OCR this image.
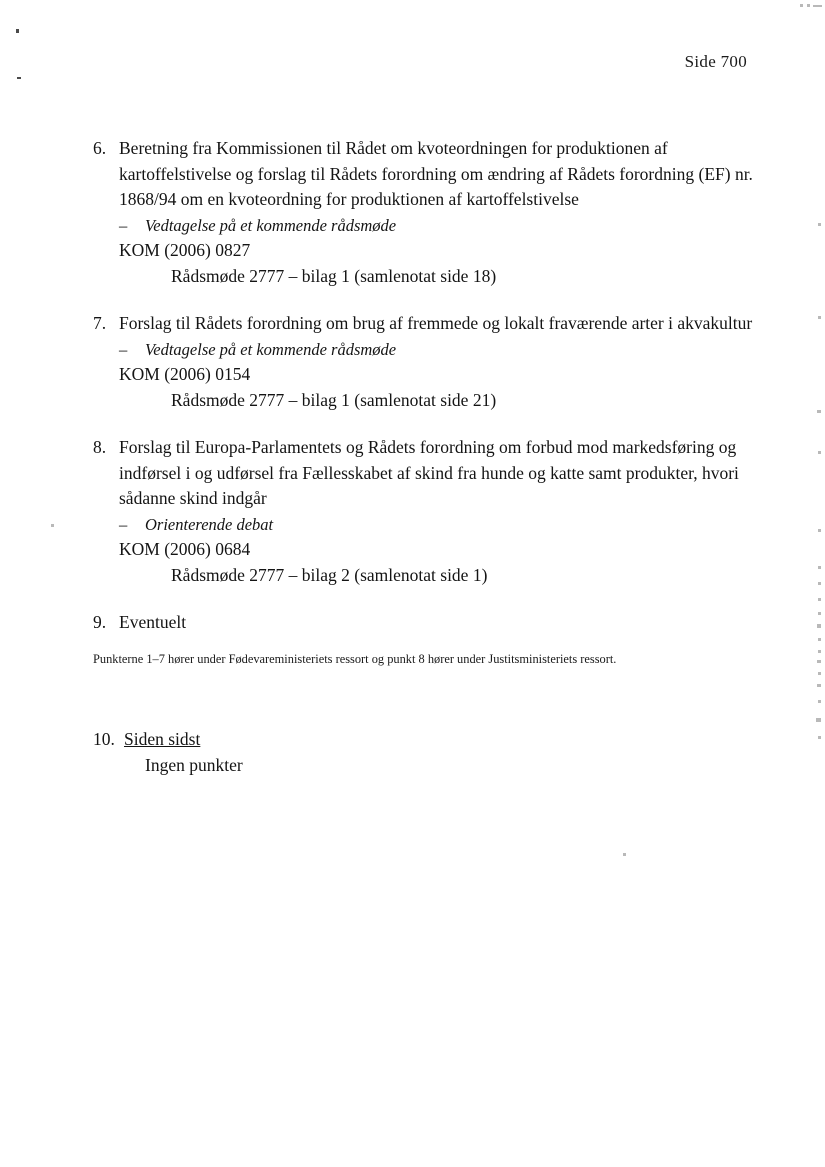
Side 700
6. Beretning fra Kommissionen til Rådet om kvoteordningen for produktionen af kartoffelstivelse og forslag til Rådets forordning om ændring af Rådets forordning (EF) nr. 1868/94 om en kvoteordning for produktionen af kartoffelstivelse

– Vedtagelse på et kommende rådsmøde

KOM (2006) 0827

Rådsmøde 2777 – bilag 1 (samlenotat side 18)

7. Forslag til Rådets forordning om brug af fremmede og lokalt fraværende arter i akvakultur

– Vedtagelse på et kommende rådsmøde

KOM (2006) 0154

Rådsmøde 2777 – bilag 1 (samlenotat side 21)

8. Forslag til Europa-Parlamentets og Rådets forordning om forbud mod markedsføring og indførsel i og udførsel fra Fællesskabet af skind fra hunde og katte samt produkter, hvori sådanne skind indgår

– Orienterende debat

KOM (2006) 0684

Rådsmøde 2777 – bilag 2 (samlenotat side 1)

9. Eventuelt
Punkterne 1–7 hører under Fødevareministeriets ressort og punkt 8 hører under Justitsministeriets ressort.
10. Siden sidst
Ingen punkter
